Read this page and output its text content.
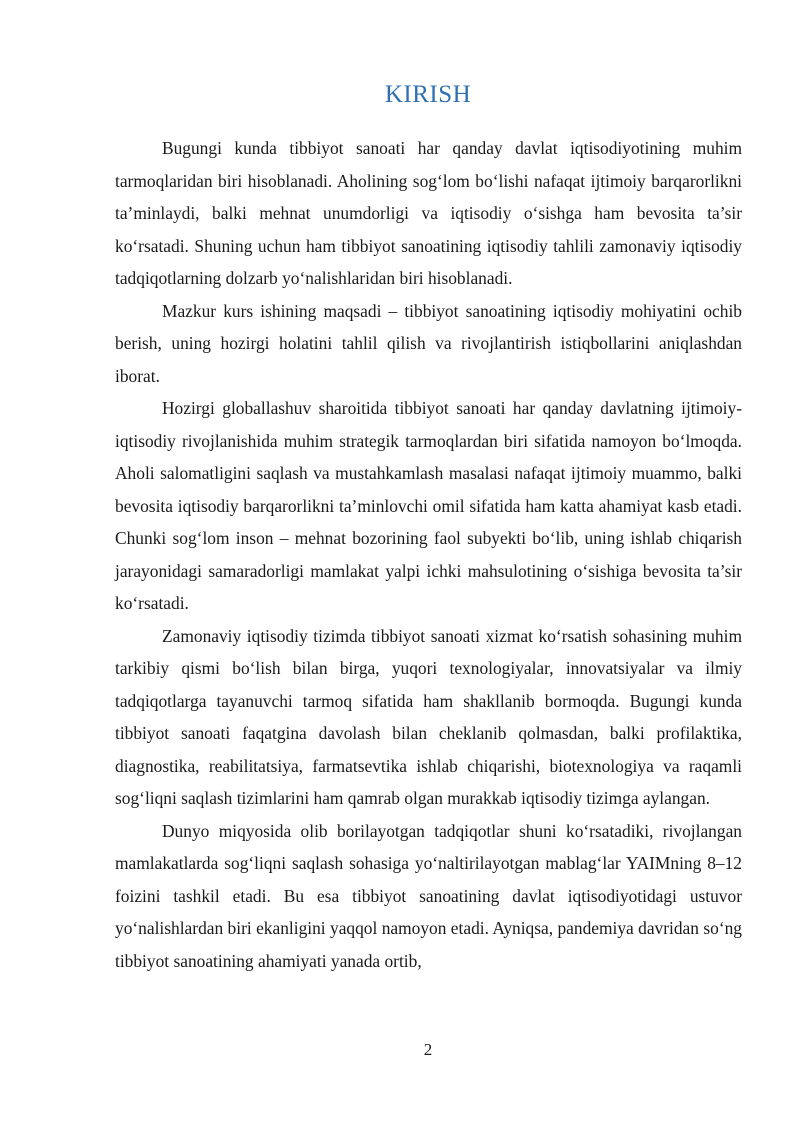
KIRISH

Bugungi kunda tibbiyot sanoati har qanday davlat iqtisodiyotining muhim tarmoqlaridan biri hisoblanadi. Aholining sog‘lom bo‘lishi nafaqat ijtimoiy barqarorlikni ta’minlaydi, balki mehnat unumdorligi va iqtisodiy o‘sishga ham bevosita ta’sir ko‘rsatadi. Shuning uchun ham tibbiyot sanoatining iqtisodiy tahlili zamonaviy iqtisodiy tadqiqotlarning dolzarb yo‘nalishlaridan biri hisoblanadi.

Mazkur kurs ishining maqsadi – tibbiyot sanoatining iqtisodiy mohiyatini ochib berish, uning hozirgi holatini tahlil qilish va rivojlantirish istiqbollarini aniqlashdan iborat.

Hozirgi globallashuv sharoitida tibbiyot sanoati har qanday davlatning ijtimoiy-iqtisodiy rivojlanishida muhim strategik tarmoqlardan biri sifatida namoyon bo‘lmoqda. Aholi salomatligini saqlash va mustahkamlash masalasi nafaqat ijtimoiy muammo, balki bevosita iqtisodiy barqarorlikni ta’minlovchi omil sifatida ham katta ahamiyat kasb etadi. Chunki sog‘lom inson – mehnat bozorining faol subyekti bo‘lib, uning ishlab chiqarish jarayonidagi samaradorligi mamlakat yalpi ichki mahsulotining o‘sishiga bevosita ta’sir ko‘rsatadi.

Zamonaviy iqtisodiy tizimda tibbiyot sanoati xizmat ko‘rsatish sohasining muhim tarkibiy qismi bo‘lish bilan birga, yuqori texnologiyalar, innovatsiyalar va ilmiy tadqiqotlarga tayanuvchi tarmoq sifatida ham shakllanib bormoqda. Bugungi kunda tibbiyot sanoati faqatgina davolash bilan cheklanib qolmasdan, balki profilaktika, diagnostika, reabilitatsiya, farmatsevtika ishlab chiqarishi, biotexnologiya va raqamli sog‘liqni saqlash tizimlarini ham qamrab olgan murakkab iqtisodiy tizimga aylangan.

Dunyo miqyosida olib borilayotgan tadqiqotlar shuni ko‘rsatadiki, rivojlangan mamlakatlarda sog‘liqni saqlash sohasiga yo‘naltirilayotgan mablag‘lar YAIMning 8–12 foizini tashkil etadi. Bu esa tibbiyot sanoatining davlat iqtisodiyotidagi ustuvor yo‘nalishlardan biri ekanligini yaqqol namoyon etadi. Ayniqsa, pandemiya davridan so‘ng tibbiyot sanoatining ahamiyati yanada ortib,

2
